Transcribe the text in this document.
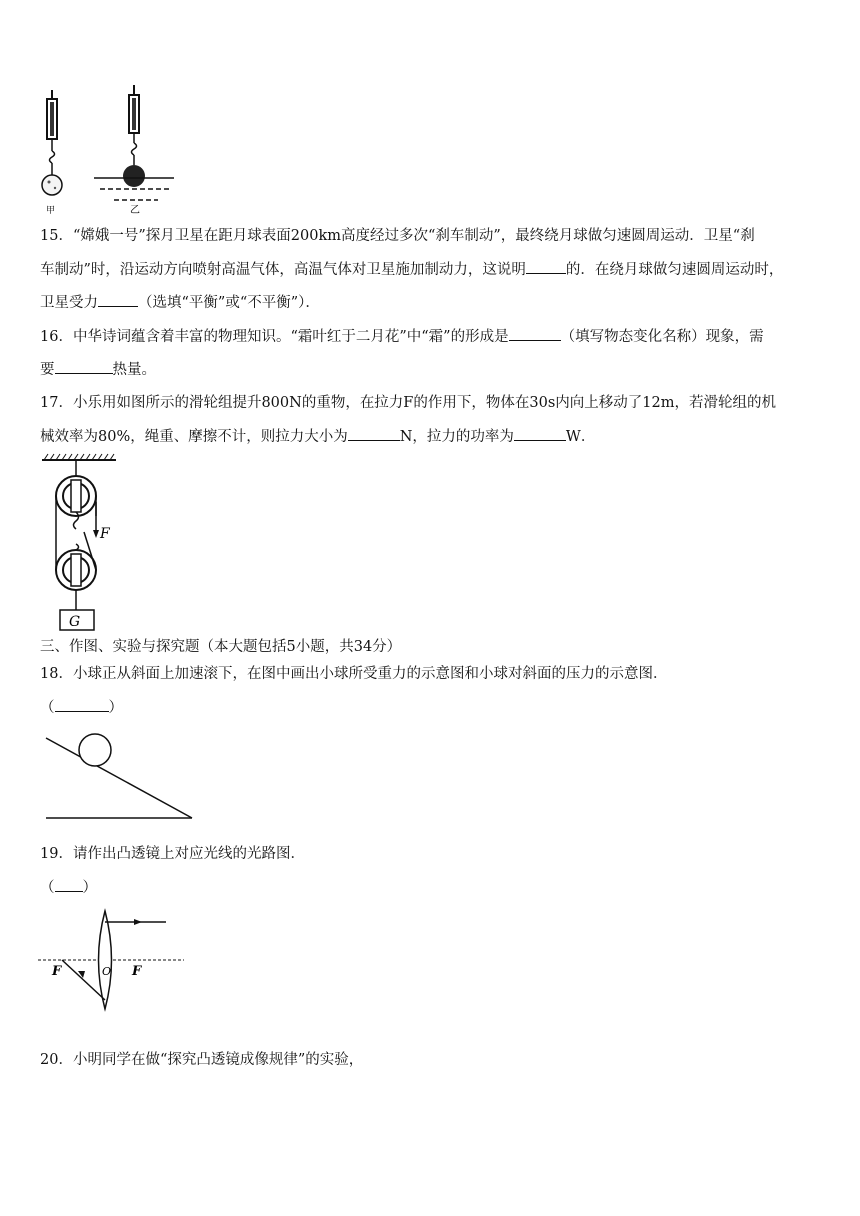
甲	乙
15．“嫦娥一号”探月卫星在距月球表面200km高度经过多次“刹车制动”，最终绕月球做匀速圆周运动．卫星“刹
车制动”时，沿运动方向喷射高温气体，高温气体对卫星施加制动力，这说明	的．在绕月球做匀速圆周运动时，
卫星受力	（选填“平衡”或“不平衡”）．
16．中华诗词蕴含着丰富的物理知识。“霜叶红于二月花”中“霜”的形成是	（填写物态变化名称）现象，需
要	热量。
17．小乐用如图所示的滑轮组提升800N的重物，在拉力F的作用下，物体在30s内向上移动了12m，若滑轮组的机
械效率为80%，绳重、摩擦不计，则拉力大小为	N，拉力的功率为	W．
F
G
三、作图、实验与探究题（本大题包括5小题，共34分）
18．小球正从斜面上加速滚下，在图中画出小球所受重力的示意图和小球对斜面的压力的示意图．
（	）
19．请作出凸透镜上对应光线的光路图．
（ ）
F	O F
20．小明同学在做“探究凸透镜成像规律”的实验，
